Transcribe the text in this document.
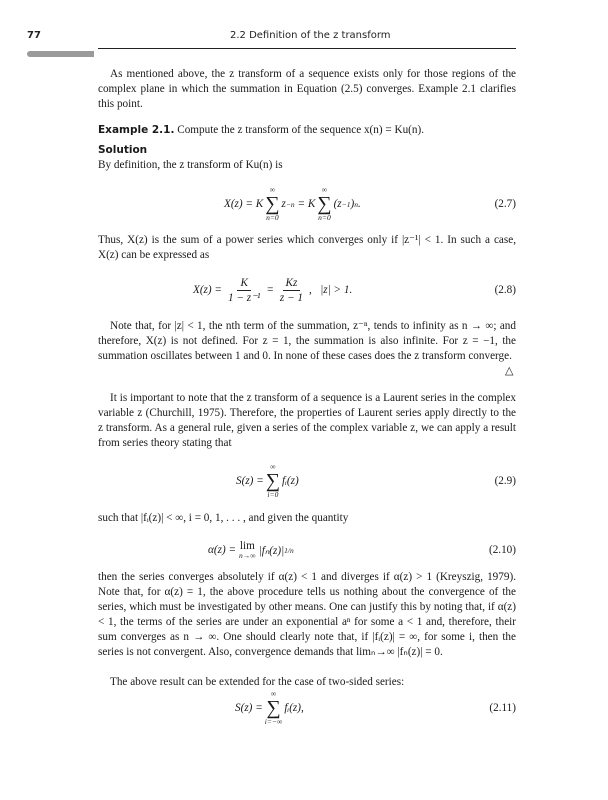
77	2.2 Definition of the z transform
As mentioned above, the z transform of a sequence exists only for those regions of the complex plane in which the summation in Equation (2.5) converges. Example 2.1 clarifies this point.
Example 2.1. Compute the z transform of the sequence x(n) = Ku(n).
Solution
By definition, the z transform of Ku(n) is
X(z) = K
∞
∑
n=0
z −n = K
∞
∑
n=0
(z −1 ) n .	(2.7)
Thus, X(z) is the sum of a power series which converges only if |z⁻¹| < 1. In such a case, X(z) can be expressed as
$X(z) = \frac{K}{\text{1 − z⁻¹}} = \frac{Kz}{z - 1}$ ,   |z| > 1.	(2.8)
Note that, for |z| < 1, the nth term of the summation, z⁻ⁿ, tends to infinity as n → ∞; and therefore, X(z) is not defined. For z = 1, the summation is also infinite. For z = −1, the summation oscillates between 1 and 0. In none of these cases does the z transform converge.
△
It is important to note that the z transform of a sequence is a Laurent series in the complex variable z (Churchill, 1975). Therefore, the properties of Laurent series apply directly to the z transform. As a general rule, given a series of the complex variable z, we can apply a result from series theory stating that
S(z) =
∞
∑
i=0
fᵢ(z)	(2.9)
such that |fᵢ(z)| < ∞, i = 0, 1, . . . , and given the quantity
α(z) = lim
n→∞ |fₙ(z)| 1/n	(2.10)
then the series converges absolutely if α(z) < 1 and diverges if α(z) > 1 (Kreyszig, 1979). Note that, for α(z) = 1, the above procedure tells us nothing about the convergence of the series, which must be investigated by other means. One can justify this by noting that, if α(z) < 1, the terms of the series are under an exponential aⁿ for some a < 1 and, therefore, their sum converges as n → ∞. One should clearly note that, if |fᵢ(z)| = ∞, for some i, then the series is not convergent. Also, convergence demands that limₙ→∞ |fₙ(z)| = 0.
The above result can be extended for the case of two-sided series:
S(z) =
∞
∑
i=−∞
fᵢ(z),	(2.11)
